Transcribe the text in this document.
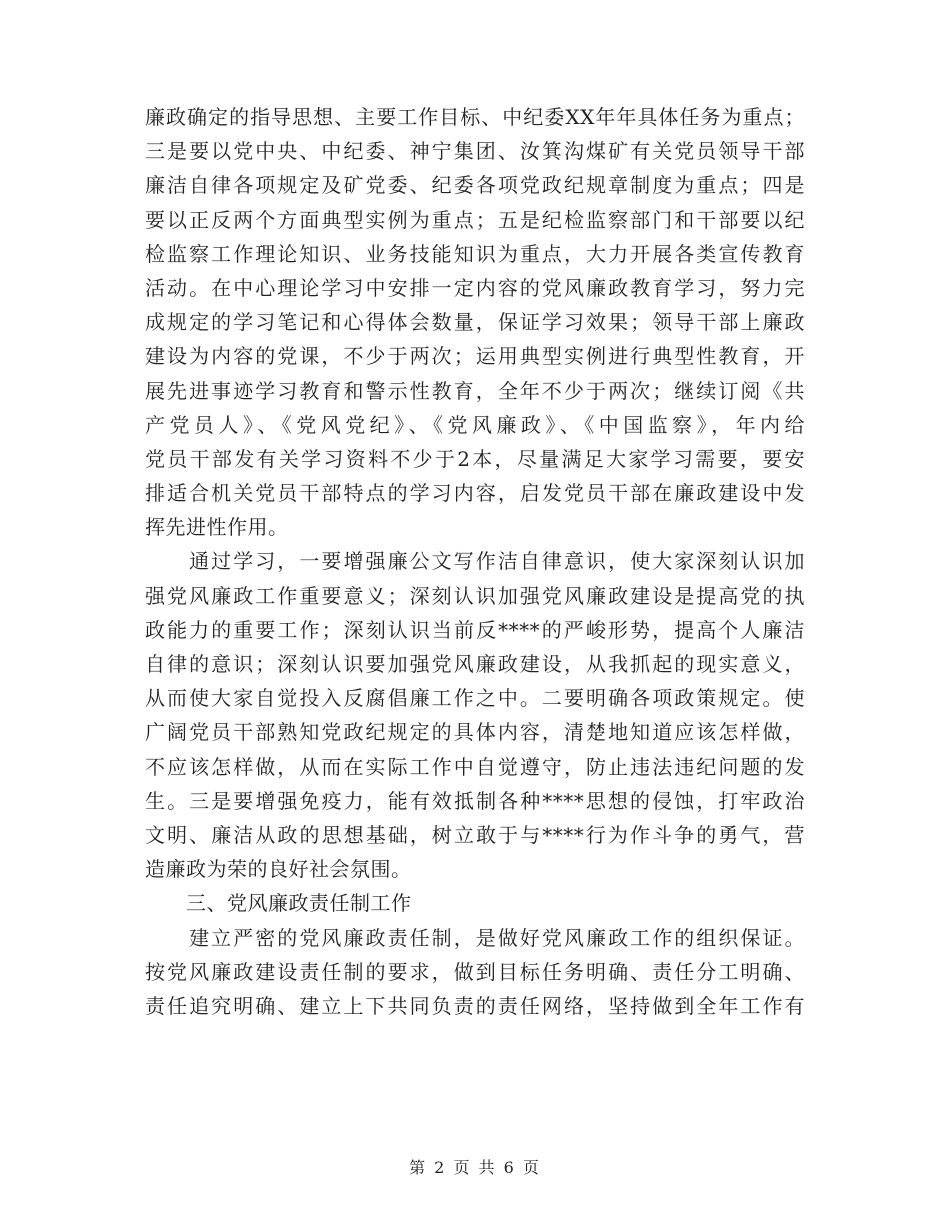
廉政确定的指导思想、主要工作目标、中纪委XX年年具体任务为重点；
三是要以党中央、中纪委、神宁集团、汝箕沟煤矿有关党员领导干部
廉洁自律各项规定及矿党委、纪委各项党政纪规章制度为重点；四是
要以正反两个方面典型实例为重点；五是纪检监察部门和干部要以纪
检监察工作理论知识、业务技能知识为重点，大力开展各类宣传教育
活动。在中心理论学习中安排一定内容的党风廉政教育学习，努力完
成规定的学习笔记和心得体会数量，保证学习效果；领导干部上廉政
建设为内容的党课，不少于两次；运用典型实例进行典型性教育，开
展先进事迹学习教育和警示性教育，全年不少于两次；继续订阅《共
产党员人》、《党风党纪》、《党风廉政》、《中国监察》，年内给
党员干部发有关学习资料不少于2本，尽量满足大家学习需要，要安
排适合机关党员干部特点的学习内容，启发党员干部在廉政建设中发
挥先进性作用。
　　通过学习，一要增强廉公文写作洁自律意识，使大家深刻认识加
强党风廉政工作重要意义；深刻认识加强党风廉政建设是提高党的执
政能力的重要工作；深刻认识当前反****的严峻形势，提高个人廉洁
自律的意识；深刻认识要加强党风廉政建设，从我抓起的现实意义，
从而使大家自觉投入反腐倡廉工作之中。二要明确各项政策规定。使
广阔党员干部熟知党政纪规定的具体内容，清楚地知道应该怎样做，
不应该怎样做，从而在实际工作中自觉遵守，防止违法违纪问题的发
生。三是要增强免疫力，能有效抵制各种****思想的侵蚀，打牢政治
文明、廉洁从政的思想基础，树立敢于与****行为作斗争的勇气，营
造廉政为荣的良好社会氛围。
　　三、党风廉政责任制工作
　　建立严密的党风廉政责任制，是做好党风廉政工作的组织保证。
按党风廉政建设责任制的要求，做到目标任务明确、责任分工明确、
责任追究明确、建立上下共同负责的责任网络，坚持做到全年工作有
第 2 页 共 6 页
